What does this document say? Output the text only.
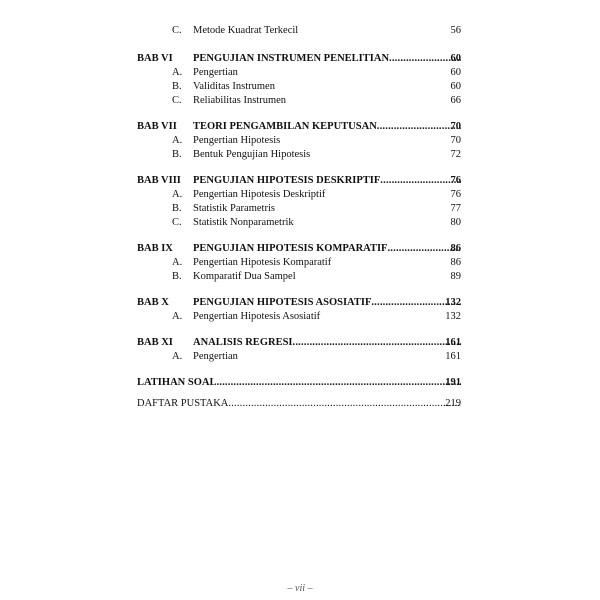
C. Metode Kuadrat Terkecil	56
BAB VI PENGUJIAN INSTRUMEN PENELITIAN .....	60
A. Pengertian	60
B. Validitas Instrumen	60
C. Reliabilitas Instrumen	66
BAB VII TEORI PENGAMBILAN KEPUTUSAN .....	70
A. Pengertian Hipotesis	70
B. Bentuk Pengujian Hipotesis	72
BAB VIII PENGUJIAN HIPOTESIS DESKRIPTIF .....	76
A. Pengertian Hipotesis Deskriptif	76
B. Statistik Parametris	77
C. Statistik Nonparametrik	80
BAB IX PENGUJIAN HIPOTESIS KOMPARATIF .....	86
A. Pengertian Hipotesis Komparatif	86
B. Komparatif Dua Sampel	89
BAB X PENGUJIAN HIPOTESIS ASOSIATIF .....	132
A. Pengertian Hipotesis Asosiatif	132
BAB XI ANALISIS REGRESI .....	161
A. Pengertian	161
LATIHAN SOAL .....	191
DAFTAR PUSTAKA .....	219
– vii –
